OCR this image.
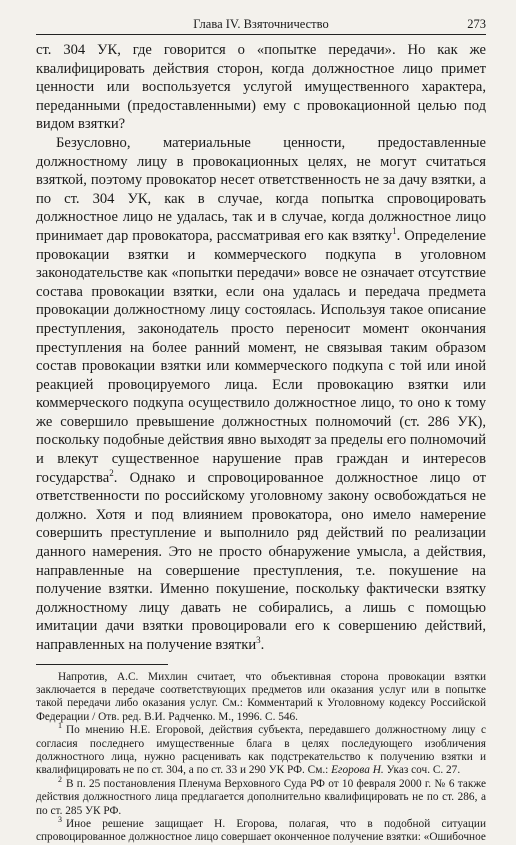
Глава IV. Взяточничество	273

ст. 304 УК, где говорится о «попытке передачи». Но как же квалифицировать действия сторон, когда должностное лицо примет ценности или воспользуется услугой имущественного характера, переданными (предоставленными) ему с провокационной целью под видом взятки?

Безусловно, материальные ценности, предоставленные должностному лицу в провокационных целях, не могут считаться взяткой, поэтому провокатор несет ответственность не за дачу взятки, а по ст. 304 УК, как в случае, когда попытка спровоцировать должностное лицо не удалась, так и в случае, когда должностное лицо принимает дар провокатора, рассматривая его как взятку$^1$. Определение провокации взятки и коммерческого подкупа в уголовном законодательстве как «попытки передачи» вовсе не означает отсутствие состава провокации взятки, если она удалась и передача предмета провокации должностному лицу состоялась. Используя такое описание преступления, законодатель просто переносит момент окончания преступления на более ранний момент, не связывая таким образом состав провокации взятки или коммерческого подкупа с той или иной реакцией провоцируемого лица. Если провокацию взятки или коммерческого подкупа осуществило должностное лицо, то оно к тому же совершило превышение должностных полномочий (ст. 286 УК), поскольку подобные действия явно выходят за пределы его полномочий и влекут существенное нарушение прав граждан и интересов государства$^2$. Однако и спровоцированное должностное лицо от ответственности по российскому уголовному закону освобождаться не должно. Хотя и под влиянием провокатора, оно имело намерение совершить преступление и выполнило ряд действий по реализации данного намерения. Это не просто обнаружение умысла, а действия, направленные на совершение преступления, т.е. покушение на получение взятки. Именно покушение, поскольку фактически взятку должностному лицу давать не собирались, а лишь с помощью имитации дачи взятки провоцировали его к совершению действий, направленных на получение взятки$^3$.

Напротив, А.С. Михлин считает, что объективная сторона провокации взятки заключается в передаче соответствующих предметов или оказания услуг или в попытке такой передачи либо оказания услуг. См.: Комментарий к Уголовному кодексу Российской Федерации / Отв. ред. В.И. Радченко. М., 1996. С. 546.

$^1$ По мнению Н.Е. Егоровой, действия субъекта, передавшего должностному лицу с согласия последнего имущественные блага в целях последующего изобличения должностного лица, нужно расценивать как подстрекательство к получению взятки и квалифицировать не по ст. 304, а по ст. 33 и 290 УК РФ. См.: Егорова Н. Указ соч. С. 27.

$^2$ В п. 25 постановления Пленума Верховного Суда РФ от 10 февраля 2000 г. № 6 также действия должностного лица предлагается дополнительно квалифицировать не по ст. 286, а по ст. 285 УК РФ.

$^3$ Иное решение защищает Н. Егорова, полагая, что в подобной ситуации спровоцированное должностное лицо совершает оконченное получение взятки: «Ошибочное
